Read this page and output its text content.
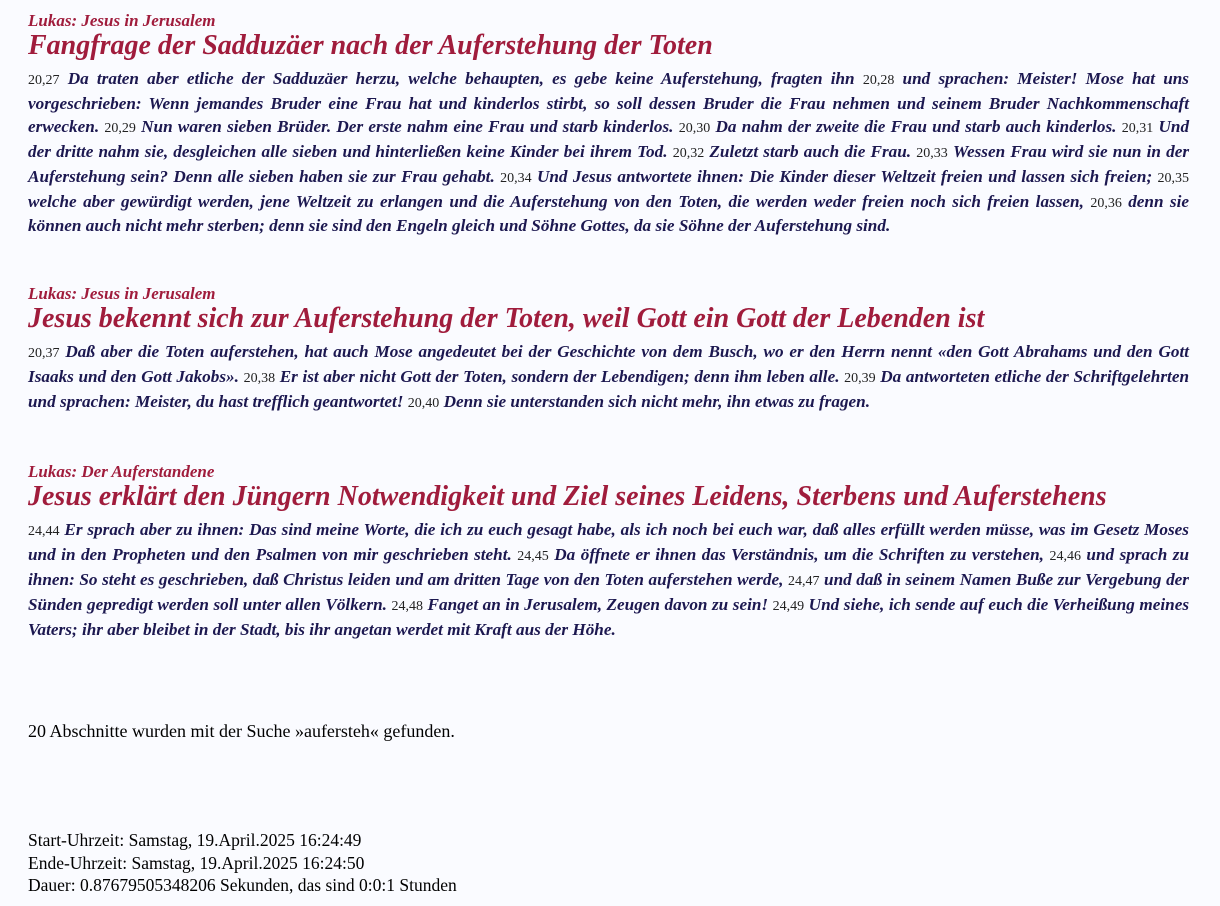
Lukas: Jesus in Jerusalem
Fangfrage der Sadduzäer nach der Auferstehung der Toten

20,27 Da traten aber etliche der Sadduzäer herzu, welche behaupten, es gebe keine Auferstehung, fragten ihn 20,28 und sprachen: Meister! Mose hat uns vorgeschrieben: Wenn jemandes Bruder eine Frau hat und kinderlos stirbt, so soll dessen Bruder die Frau nehmen und seinem Bruder Nachkommenschaft erwecken. 20,29 Nun waren sieben Brüder. Der erste nahm eine Frau und starb kinderlos. 20,30 Da nahm der zweite die Frau und starb auch kinderlos. 20,31 Und der dritte nahm sie, desgleichen alle sieben und hinterließen keine Kinder bei ihrem Tod. 20,32 Zuletzt starb auch die Frau. 20,33 Wessen Frau wird sie nun in der Auferstehung sein? Denn alle sieben haben sie zur Frau gehabt. 20,34 Und Jesus antwortete ihnen: Die Kinder dieser Weltzeit freien und lassen sich freien; 20,35 welche aber gewürdigt werden, jene Weltzeit zu erlangen und die Auferstehung von den Toten, die werden weder freien noch sich freien lassen, 20,36 denn sie können auch nicht mehr sterben; denn sie sind den Engeln gleich und Söhne Gottes, da sie Söhne der Auferstehung sind.

Lukas: Jesus in Jerusalem
Jesus bekennt sich zur Auferstehung der Toten, weil Gott ein Gott der Lebenden ist

20,37 Daß aber die Toten auferstehen, hat auch Mose angedeutet bei der Geschichte von dem Busch, wo er den Herrn nennt «den Gott Abrahams und den Gott Isaaks und den Gott Jakobs». 20,38 Er ist aber nicht Gott der Toten, sondern der Lebendigen; denn ihm leben alle. 20,39 Da antworteten etliche der Schriftgelehrten und sprachen: Meister, du hast trefflich geantwortet! 20,40 Denn sie unterstanden sich nicht mehr, ihn etwas zu fragen.

Lukas: Der Auferstandene
Jesus erklärt den Jüngern Notwendigkeit und Ziel seines Leidens, Sterbens und Auferstehens

24,44 Er sprach aber zu ihnen: Das sind meine Worte, die ich zu euch gesagt habe, als ich noch bei euch war, daß alles erfüllt werden müsse, was im Gesetz Moses und in den Propheten und den Psalmen von mir geschrieben steht. 24,45 Da öffnete er ihnen das Verständnis, um die Schriften zu verstehen, 24,46 und sprach zu ihnen: So steht es geschrieben, daß Christus leiden und am dritten Tage von den Toten auferstehen werde, 24,47 und daß in seinem Namen Buße zur Vergebung der Sünden gepredigt werden soll unter allen Völkern. 24,48 Fanget an in Jerusalem, Zeugen davon zu sein! 24,49 Und siehe, ich sende auf euch die Verheißung meines Vaters; ihr aber bleibet in der Stadt, bis ihr angetan werdet mit Kraft aus der Höhe.

20 Abschnitte wurden mit der Suche »aufersteh« gefunden.
Start-Uhrzeit: Samstag, 19.April.2025 16:24:49
Ende-Uhrzeit: Samstag, 19.April.2025 16:24:50
Dauer: 0.87679505348206 Sekunden, das sind 0:0:1 Stunden
